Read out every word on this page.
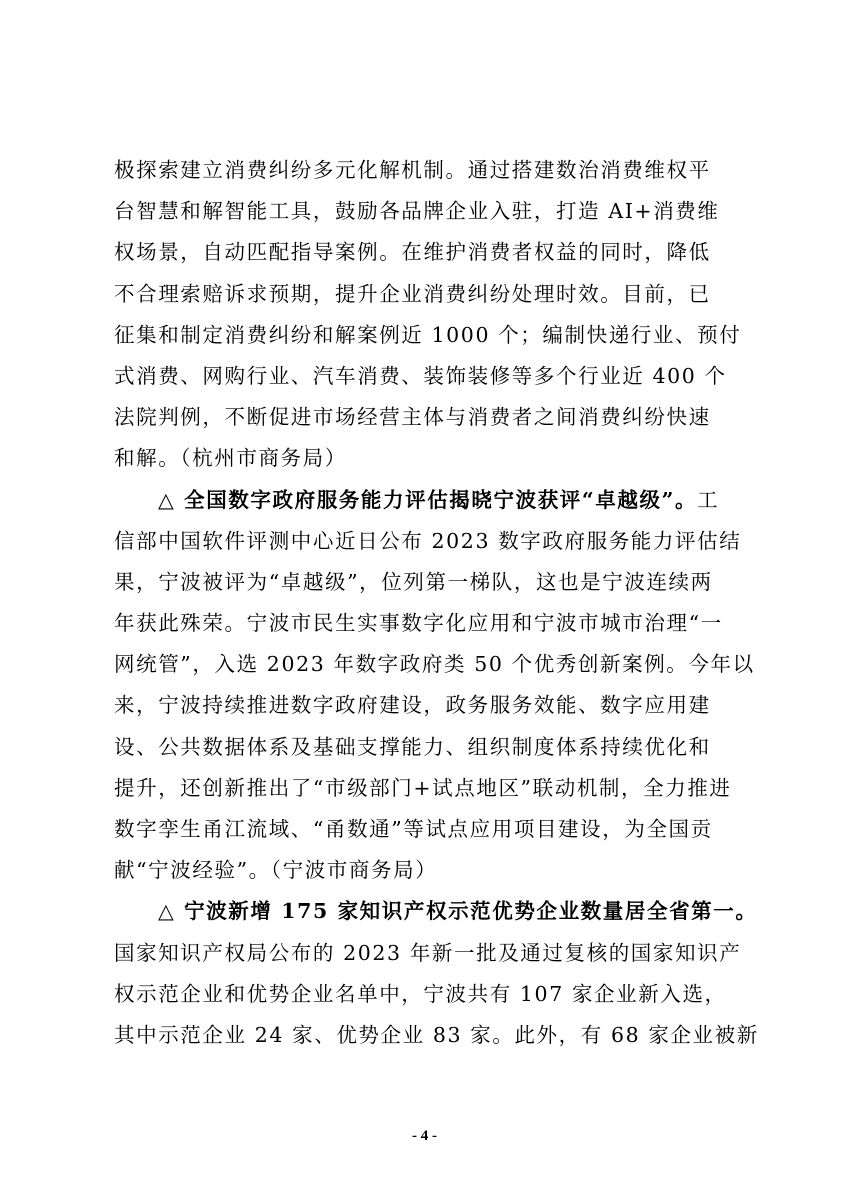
极探索建立消费纠纷多元化解机制。通过搭建数治消费维权平
台智慧和解智能工具，鼓励各品牌企业入驻，打造 AI+消费维
权场景，自动匹配指导案例。在维护消费者权益的同时，降低
不合理索赔诉求预期，提升企业消费纠纷处理时效。目前，已
征集和制定消费纠纷和解案例近 1000 个；编制快递行业、预付
式消费、网购行业、汽车消费、装饰装修等多个行业近 400 个
法院判例，不断促进市场经营主体与消费者之间消费纠纷快速
和解。（杭州市商务局）
△ 全国数字政府服务能力评估揭晓宁波获评“卓越级”。工
信部中国软件评测中心近日公布 2023 数字政府服务能力评估结
果，宁波被评为“卓越级”，位列第一梯队，这也是宁波连续两
年获此殊荣。宁波市民生实事数字化应用和宁波市城市治理“一
网统管”，入选 2023 年数字政府类 50 个优秀创新案例。今年以
来，宁波持续推进数字政府建设，政务服务效能、数字应用建
设、公共数据体系及基础支撑能力、组织制度体系持续优化和
提升，还创新推出了“市级部门+试点地区”联动机制，全力推进
数字孪生甬江流域、“甬数通”等试点应用项目建设，为全国贡
献“宁波经验”。（宁波市商务局）
△ 宁波新增 175 家知识产权示范优势企业数量居全省第一。
国家知识产权局公布的 2023 年新一批及通过复核的国家知识产
权示范企业和优势企业名单中，宁波共有 107 家企业新入选，
其中示范企业 24 家、优势企业 83 家。此外，有 68 家企业被新
- 4 -
